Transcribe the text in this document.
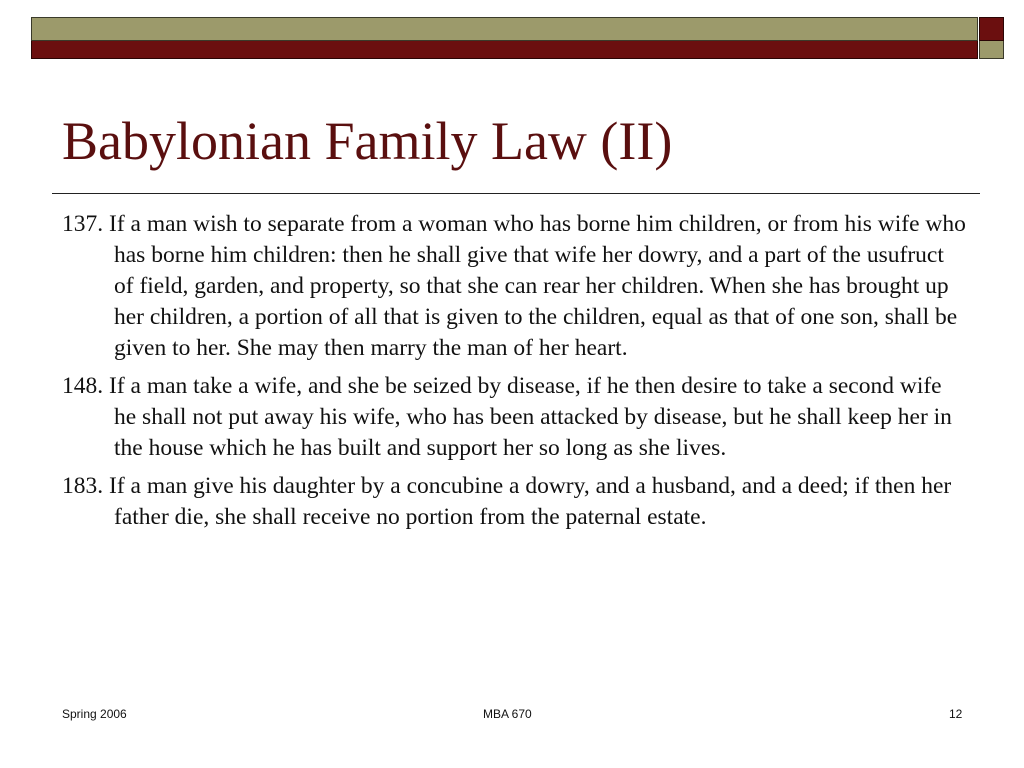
Babylonian Family Law (II)
137. If a man wish to separate from a woman who has borne him children, or from his wife who has borne him children: then he shall give that wife her dowry, and a part of the usufruct of field, garden, and property, so that she can rear her children. When she has brought up her children, a portion of all that is given to the children, equal as that of one son, shall be given to her. She may then marry the man of her heart.
148. If a man take a wife, and she be seized by disease, if he then desire to take a second wife he shall not put away his wife, who has been attacked by disease, but he shall keep her in the house which he has built and support her so long as she lives.
183. If a man give his daughter by a concubine a dowry, and a husband, and a deed; if then her father die, she shall receive no portion from the paternal estate.
Spring 2006	MBA 670	12
